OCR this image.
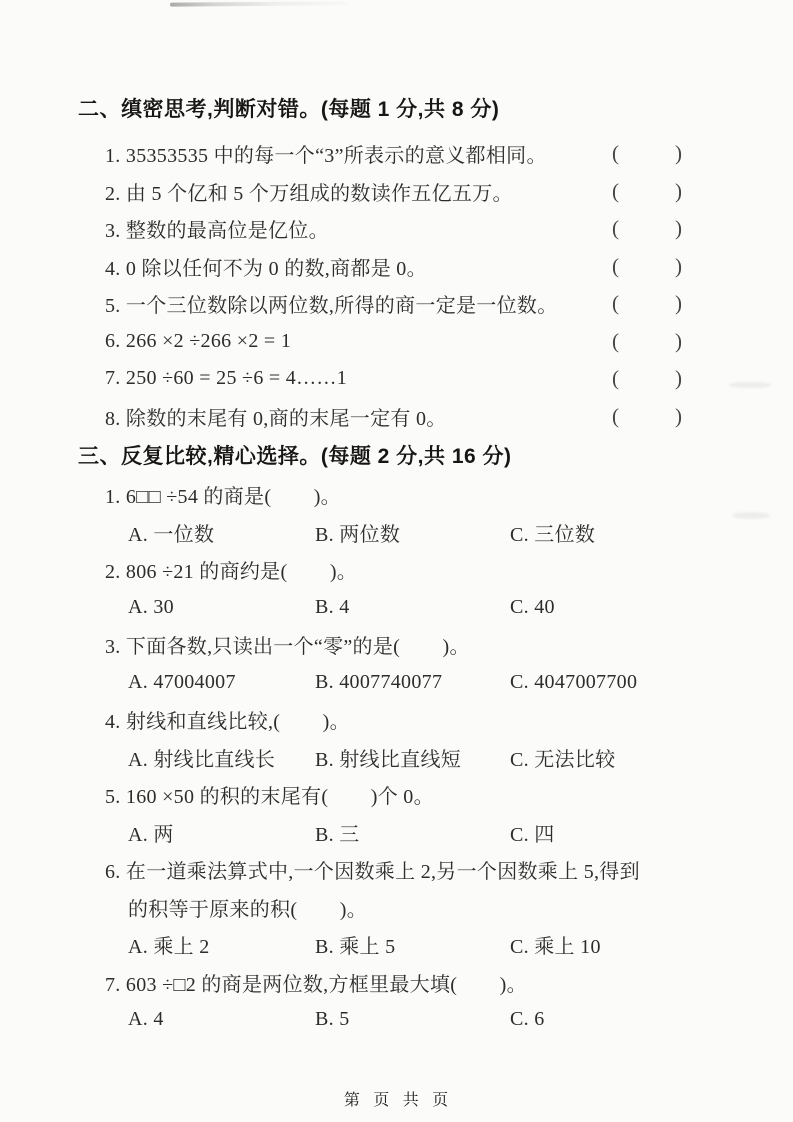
二、缜密思考,判断对错。(每题 1 分,共 8 分)
1. 35353535 中的每一个“3”所表示的意义都相同。	(	)
2. 由 5 个亿和 5 个万组成的数读作五亿五万。	(	)
3. 整数的最高位是亿位。	(	)
4. 0 除以任何不为 0 的数,商都是 0。	(	)
5. 一个三位数除以两位数,所得的商一定是一位数。	(	)
6. 266 ×2 ÷266 ×2 = 1	(	)
7. 250 ÷60 = 25 ÷6 = 4……1	(	)
8. 除数的末尾有 0,商的末尾一定有 0。	(	)
三、反复比较,精心选择。(每题 2 分,共 16 分)
1. 6□□ ÷54 的商是(        )。
A. 一位数	B. 两位数	C. 三位数
2. 806 ÷21 的商约是(        )。
A. 30	B. 4	C. 40
3. 下面各数,只读出一个“零”的是(        )。
A. 47004007	B. 4007740077	C. 4047007700
4. 射线和直线比较,(        )。
A. 射线比直线长	B. 射线比直线短	C. 无法比较
5. 160 ×50 的积的末尾有(        )个 0。
A. 两	B. 三	C. 四
6. 在一道乘法算式中,一个因数乘上 2,另一个因数乘上 5,得到
的积等于原来的积(        )。
A. 乘上 2	B. 乘上 5	C. 乘上 10
7. 603 ÷□2 的商是两位数,方框里最大填(        )。
A. 4	B. 5	C. 6
第 页 共 页
